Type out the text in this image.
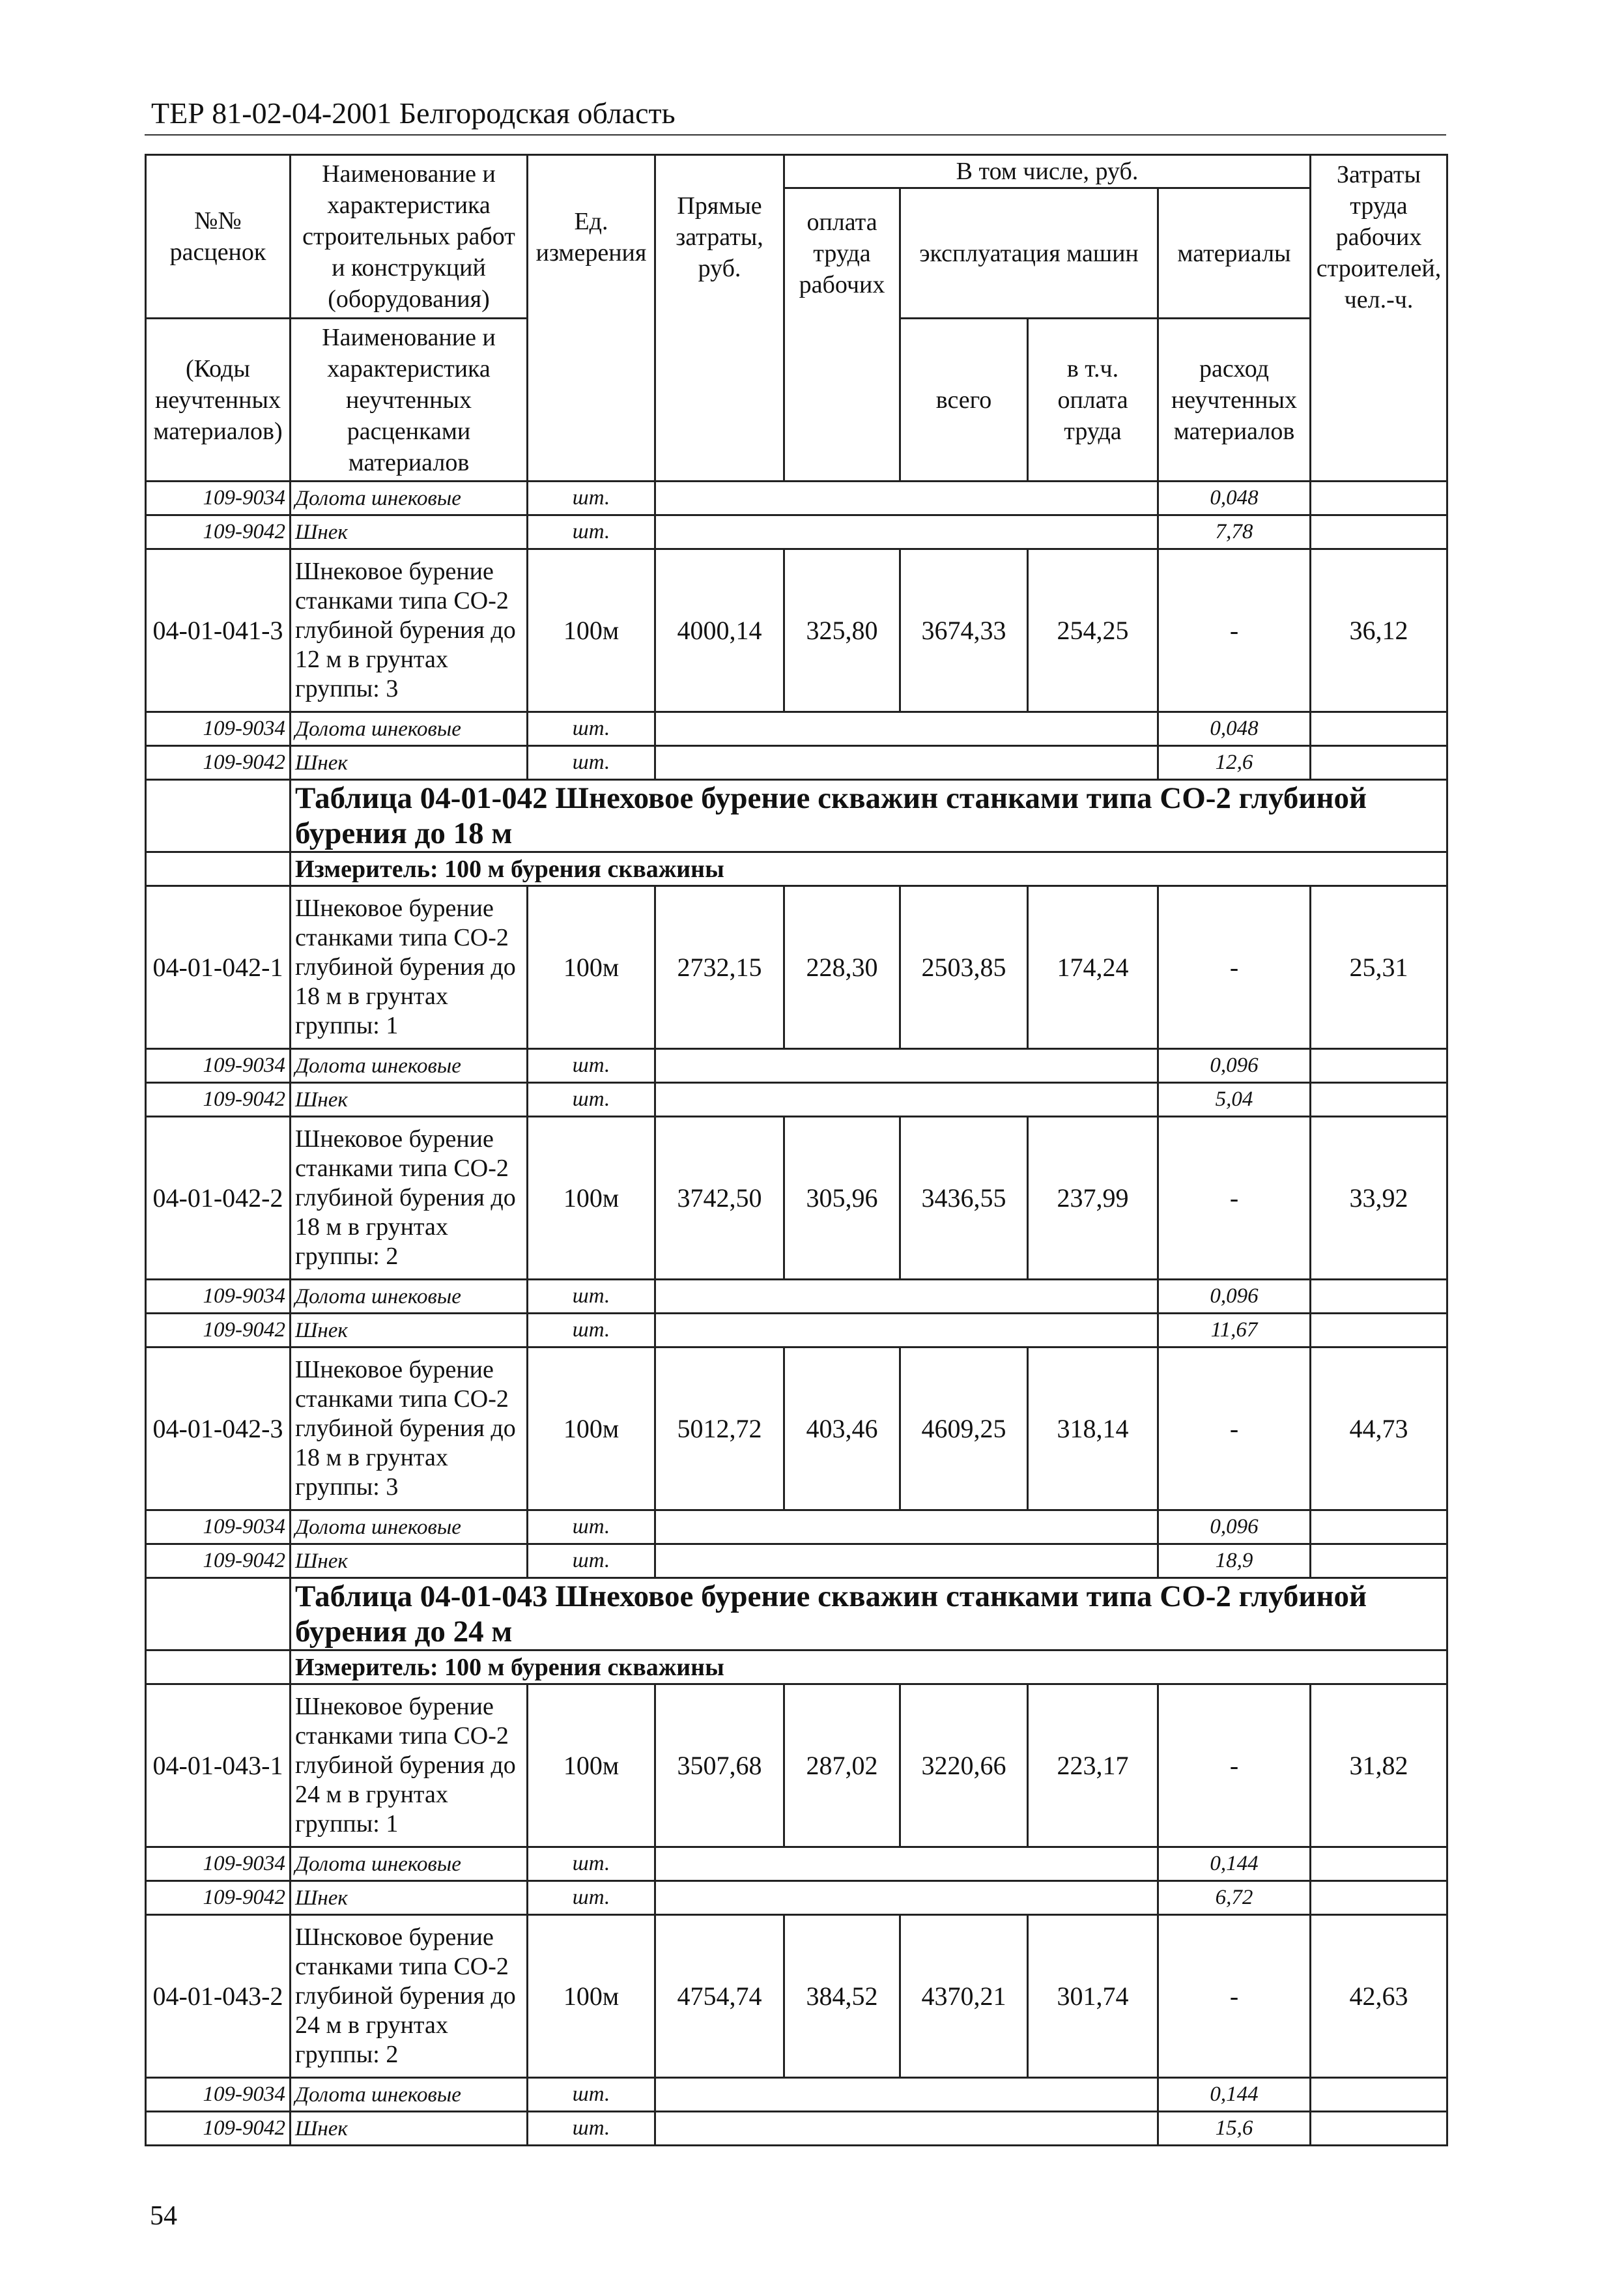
ТЕР 81-02-04-2001 Белгородская область
№№ расценок	Наименование и характеристика строительных работ и конструкций (оборудования)	Ед. измерения	Прямые затраты, руб.	В том числе, руб.				Затраты труда рабочих строителей, чел.-ч.
				оплата труда рабочих	эксплуатация машин		материалы	
(Коды неучтенных материалов)	Наименование и характеристика неучтенных расценками материалов				всего	в т.ч. оплата труда	расход неучтенных материалов	
109-9034	Долота шнековые	шт.					0,048	
109-9042	Шнек	шт.					7,78	
04-01-041-3	Шнековое бурение станками типа СО-2 глубиной бурения до 12 м в грунтах группы: 3	100м	4000,14	325,80	3674,33	254,25	-	36,12
109-9034	Долота шнековые	шт.					0,048	
109-9042	Шнек	шт.					12,6	
	Таблица 04-01-042 Шнеховое бурение скважин станками типа СО-2 глубиной бурения до 18 м							
	Измеритель: 100 м бурения скважины							
04-01-042-1	Шнековое бурение станками типа СО-2 глубиной бурения до 18 м в грунтах группы: 1	100м	2732,15	228,30	2503,85	174,24	-	25,31
109-9034	Долота шнековые	шт.					0,096	
109-9042	Шнек	шт.					5,04	
04-01-042-2	Шнековое бурение станками типа СО-2 глубиной бурения до 18 м в грунтах группы: 2	100м	3742,50	305,96	3436,55	237,99	-	33,92
109-9034	Долота шнековые	шт.					0,096	
109-9042	Шнек	шт.					11,67	
04-01-042-3	Шнековое бурение станками типа СО-2 глубиной бурения до 18 м в грунтах группы: 3	100м	5012,72	403,46	4609,25	318,14	-	44,73
109-9034	Долота шнековые	шт.					0,096	
109-9042	Шнек	шт.					18,9	
	Таблица 04-01-043 Шнеховое бурение скважин станками типа СО-2 глубиной бурения до 24 м							
	Измеритель: 100 м бурения скважины							
04-01-043-1	Шнековое бурение станками типа СО-2 глубиной бурения до 24 м в грунтах группы: 1	100м	3507,68	287,02	3220,66	223,17	-	31,82
109-9034	Долота шнековые	шт.					0,144	
109-9042	Шнек	шт.					6,72	
04-01-043-2	Шнсковое бурение станками типа СО-2 глубиной бурения до 24 м в грунтах группы: 2	100м	4754,74	384,52	4370,21	301,74	-	42,63
109-9034	Долота шнековые	шт.					0,144	
109-9042	Шнек	шт.					15,6	
54
